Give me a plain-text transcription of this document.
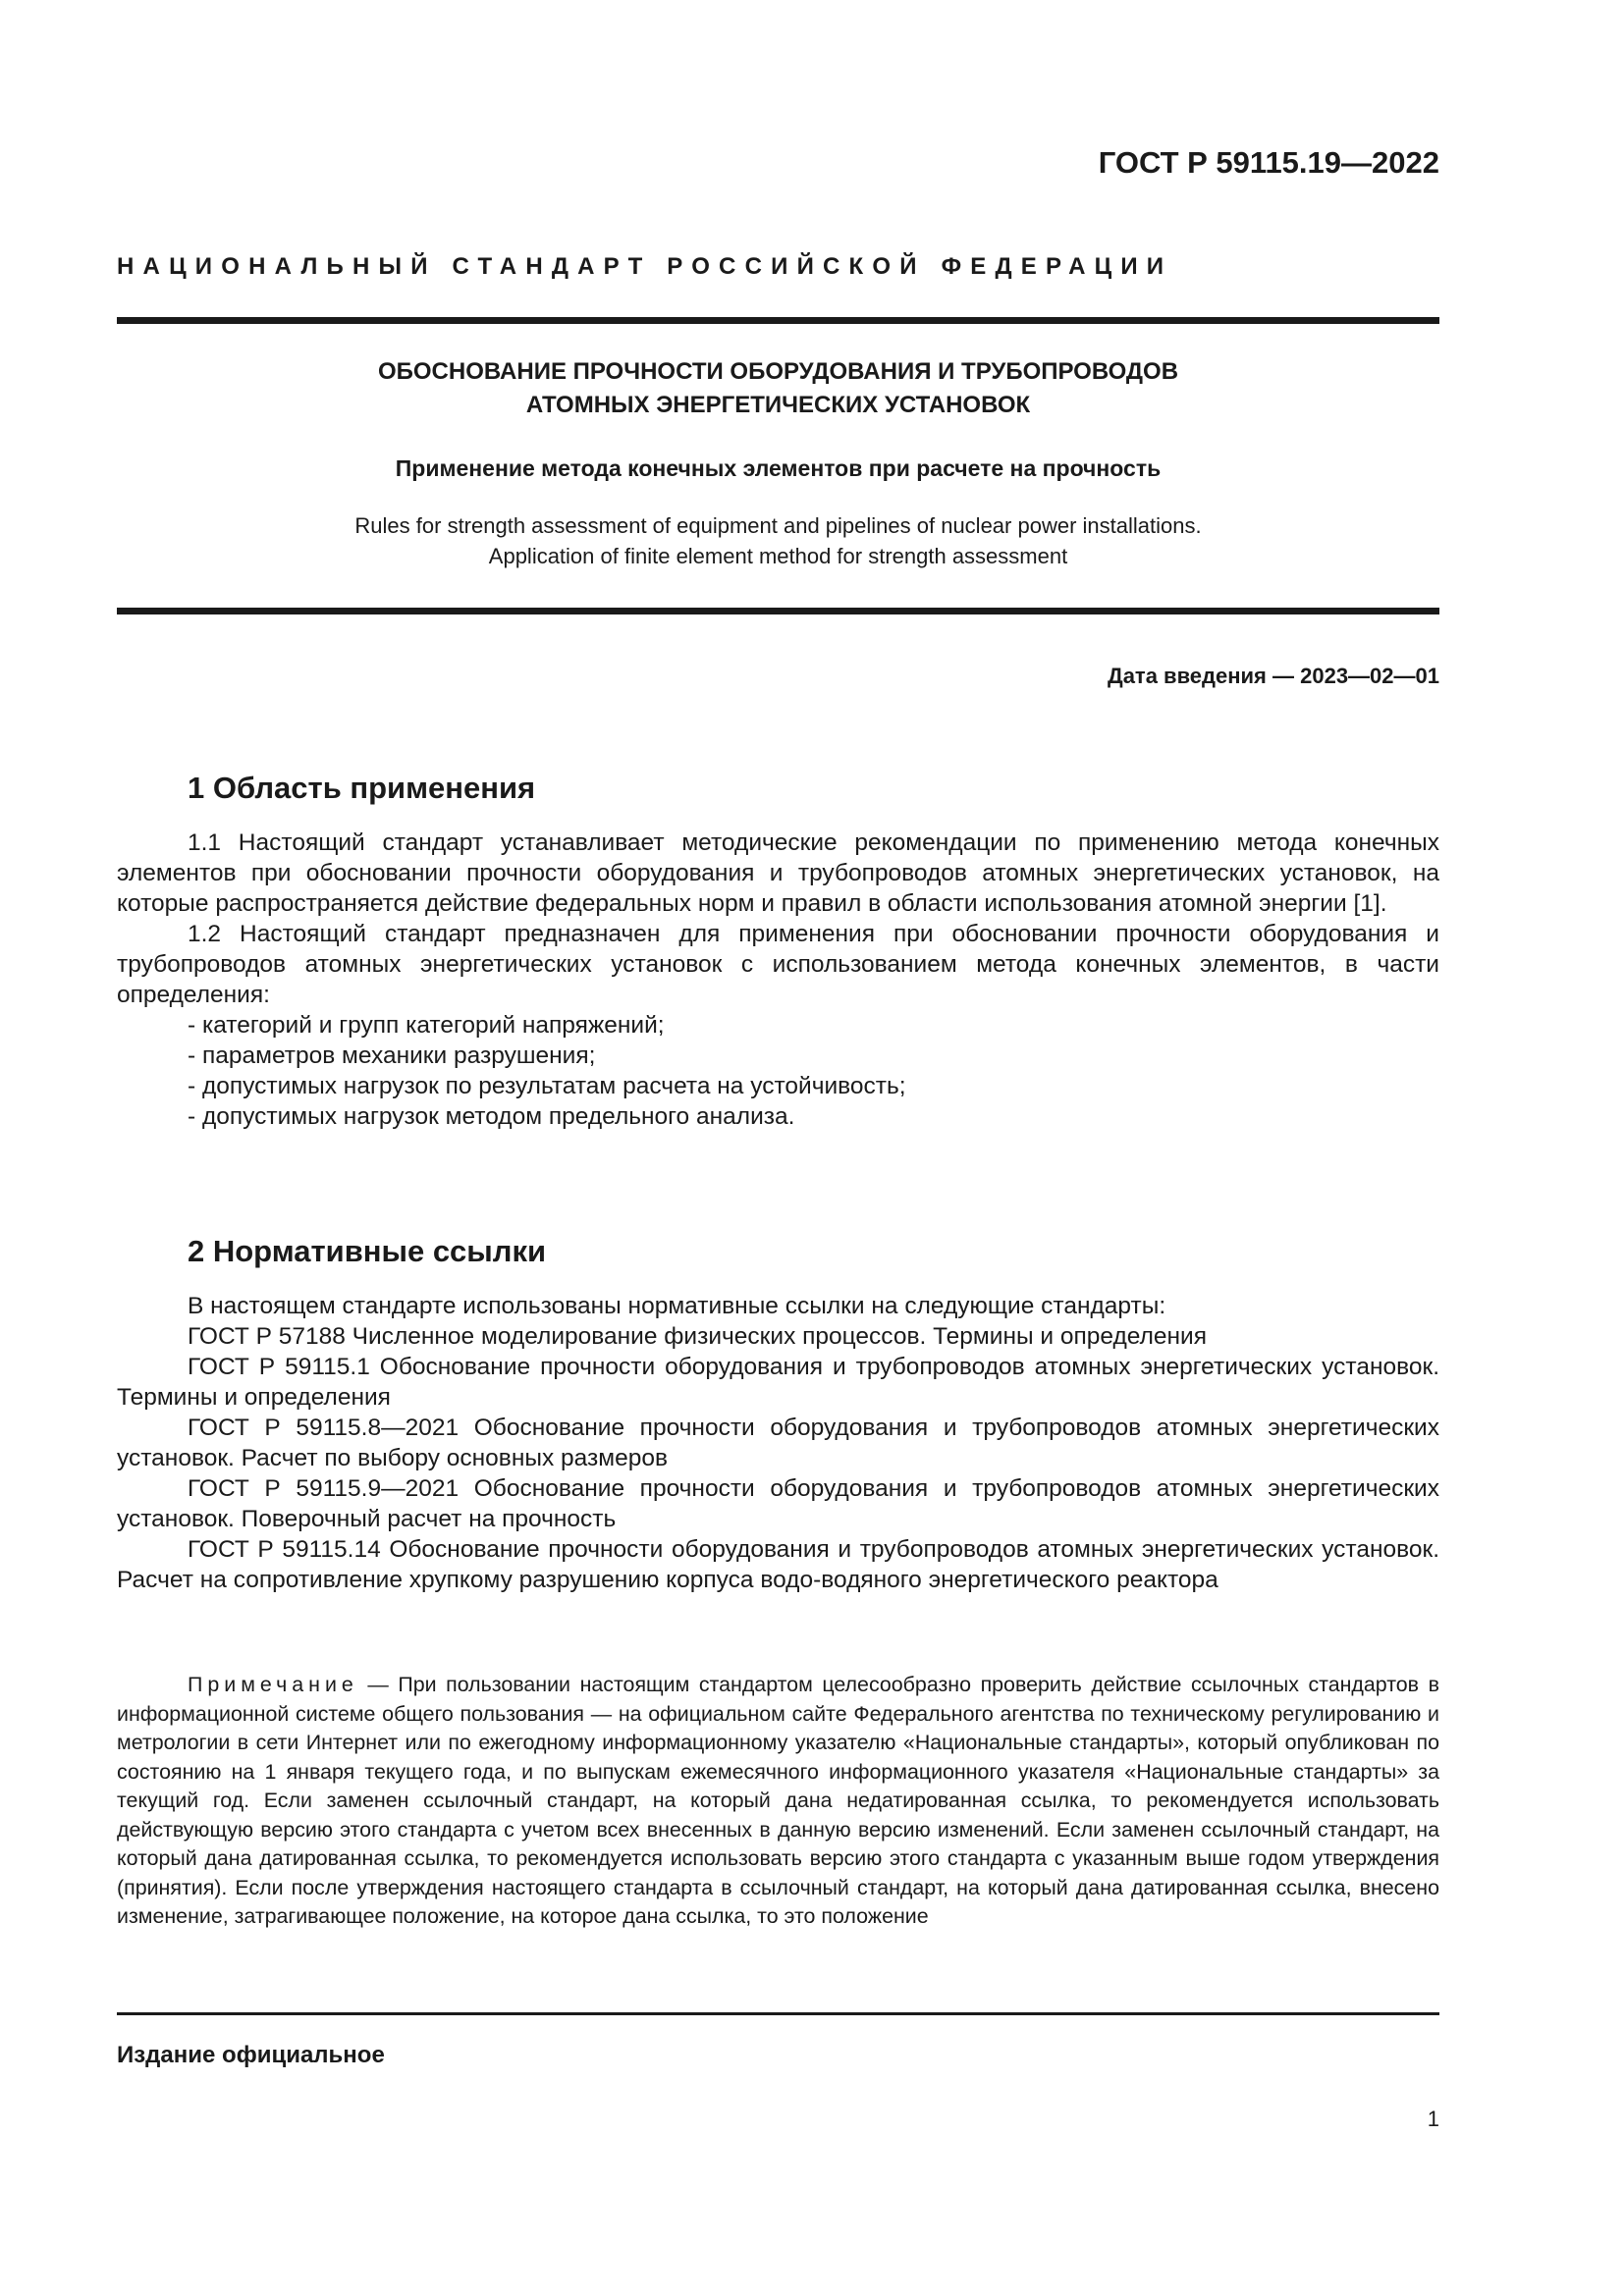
ГОСТ Р 59115.19—2022
НАЦИОНАЛЬНЫЙ СТАНДАРТ РОССИЙСКОЙ ФЕДЕРАЦИИ
ОБОСНОВАНИЕ ПРОЧНОСТИ ОБОРУДОВАНИЯ И ТРУБОПРОВОДОВ
АТОМНЫХ ЭНЕРГЕТИЧЕСКИХ УСТАНОВОК
Применение метода конечных элементов при расчете на прочность
Rules for strength assessment of equipment and pipelines of nuclear power installations.
Application of finite element method for strength assessment
Дата введения — 2023—02—01
1 Область применения

1.1 Настоящий стандарт устанавливает методические рекомендации по применению метода конечных элементов при обосновании прочности оборудования и трубопроводов атомных энергетических установок, на которые распространяется действие федеральных норм и правил в области использования атомной энергии [1].

1.2 Настоящий стандарт предназначен для применения при обосновании прочности оборудования и трубопроводов атомных энергетических установок с использованием метода конечных элементов, в части определения:

- категорий и групп категорий напряжений;

- параметров механики разрушения;

- допустимых нагрузок по результатам расчета на устойчивость;

- допустимых нагрузок методом предельного анализа.

2 Нормативные ссылки

В настоящем стандарте использованы нормативные ссылки на следующие стандарты:

ГОСТ Р 57188 Численное моделирование физических процессов. Термины и определения

ГОСТ Р 59115.1 Обоснование прочности оборудования и трубопроводов атомных энергетических установок. Термины и определения

ГОСТ Р 59115.8—2021 Обоснование прочности оборудования и трубопроводов атомных энергетических установок. Расчет по выбору основных размеров

ГОСТ Р 59115.9—2021 Обоснование прочности оборудования и трубопроводов атомных энергетических установок. Поверочный расчет на прочность

ГОСТ Р 59115.14 Обоснование прочности оборудования и трубопроводов атомных энергетических установок. Расчет на сопротивление хрупкому разрушению корпуса водо-водяного энергетического реактора

Примечание — При пользовании настоящим стандартом целесообразно проверить действие ссылочных стандартов в информационной системе общего пользования — на официальном сайте Федерального агентства по техническому регулированию и метрологии в сети Интернет или по ежегодному информационному указателю «Национальные стандарты», который опубликован по состоянию на 1 января текущего года, и по выпускам ежемесячного информационного указателя «Национальные стандарты» за текущий год. Если заменен ссылочный стандарт, на который дана недатированная ссылка, то рекомендуется использовать действующую версию этого стандарта с учетом всех внесенных в данную версию изменений. Если заменен ссылочный стандарт, на который дана датированная ссылка, то рекомендуется использовать версию этого стандарта с указанным выше годом утверждения (принятия). Если после утверждения настоящего стандарта в ссылочный стандарт, на который дана датированная ссылка, внесено изменение, затрагивающее положение, на которое дана ссылка, то это положение

Издание официальное
1
